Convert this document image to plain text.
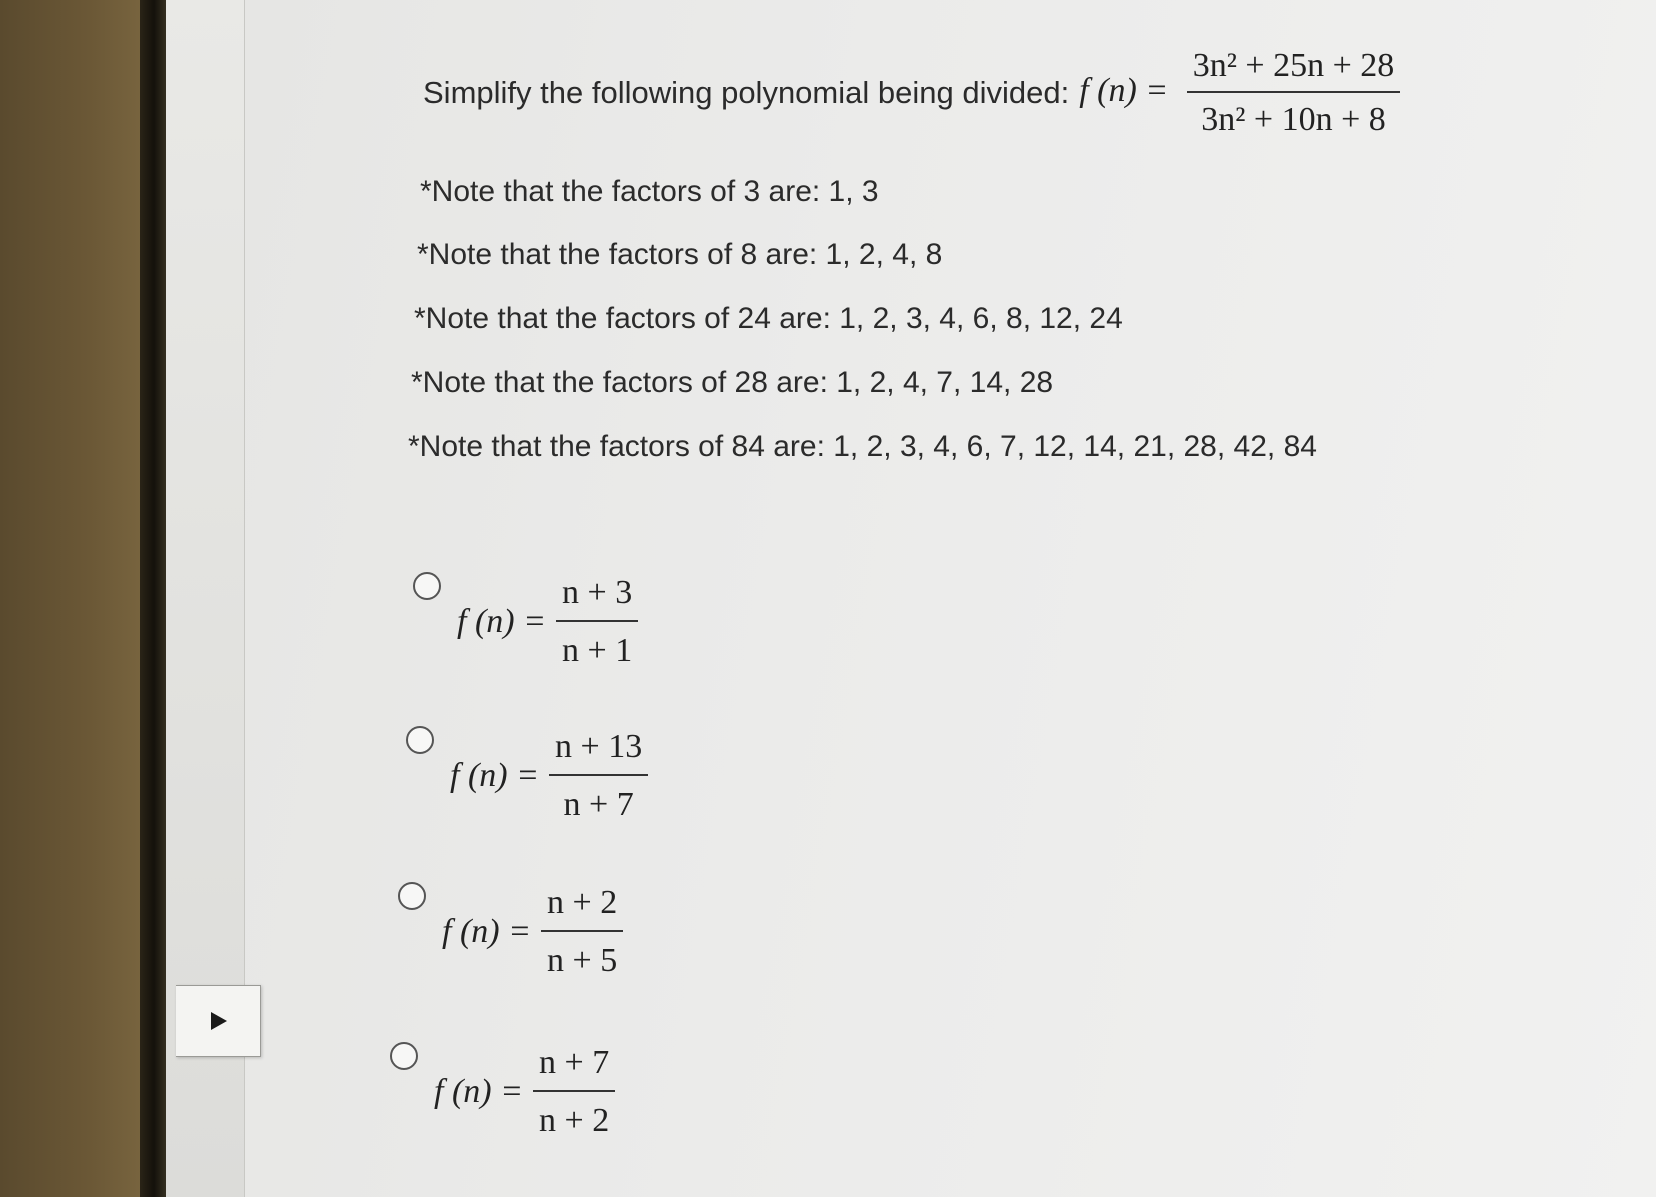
Simplify the following polynomial being divided: f $(n) = \frac{\text{3n² + 25n + 28}}{\text{3n² + 10n + 8}}$
*Note that the factors of 3 are: 1, 3
*Note that the factors of 8 are: 1, 2, 4, 8
*Note that the factors of 24 are: 1, 2, 3, 4, 6, 8, 12, 24
*Note that the factors of 28 are: 1, 2, 4, 7, 14, 28
*Note that the factors of 84 are: 1, 2, 3, 4, 6, 7, 12, 14, 21, 28, 42, 84
f $(n) = \frac{n + 3}{n + 1}$
f $(n) = \frac{n + 13}{n + 7}$
f $(n) = \frac{n + 2}{n + 5}$
f $(n) = \frac{n + 7}{n + 2}$
